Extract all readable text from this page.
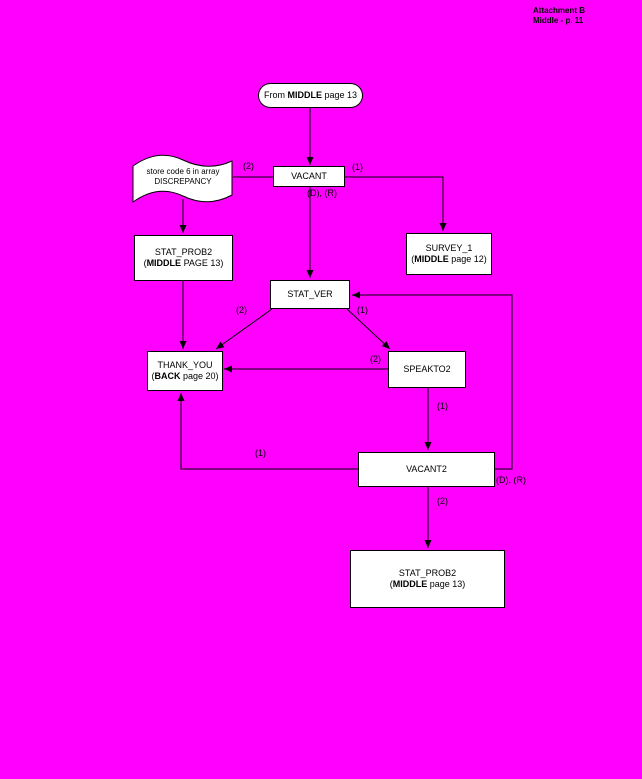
Attachment B
Middle - p. 11
From MIDDLE page 13
store code 6 in array
DISCREPANCY
VACANT
STAT_PROB2
(MIDDLE PAGE 13)
SURVEY_1
(MIDDLE page 12)
STAT_VER
THANK_YOU
(BACK page 20)
SPEAKTO2
VACANT2
STAT_PROB2
(MIDDLE page 13)
(2)	(1)
(D), (R)
(2)	(1)
(2)
(1)
(1)
(D), (R)
(2)
